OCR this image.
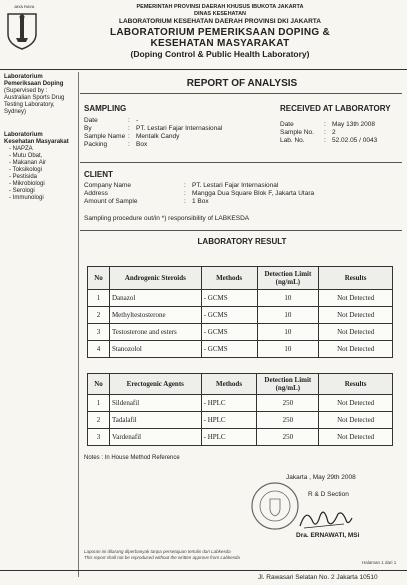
JAYA RAYA	PEMERINTAH PROVINSI DAERAH KHUSUS IBUKOTA JAKARTA
DINAS KESEHATAN
LABORATORIUM KESEHATAN DAERAH PROVINSI DKI JAKARTA
LABORATORIUM PEMERIKSAAN DOPING &
KESEHATAN MASYARAKAT
(Doping Control & Public Health Laboratory)
Laboratorium
Pemeriksaan Doping
(Supervised by :
Australian Sports Drug
Testing Laboratory,
Sydney)
Laboratorium
Kesehatan Masyarakat
- NAPZA
- Mutu Obat,
- Makanan Air
- Toksikologi
- Pestisida
- Mikrobiologi
- Serologi
- Immunologi
REPORT OF ANALYSIS
SAMPLING	RECEIVED AT LABORATORY
Date	: -
By	: PT. Lestari Fajar Internasional
Sample Name : Mentalk Candy
Packing	: Box
Date	: May 13th 2008
Sample No.	: 2
Lab. No.	: 52.02.05 / 0043
CLIENT
Company Name	: PT. Lestari Fajar Internasional
Address	: Mangga Dua Square Blok F, Jakarta Utara
Amount of Sample	: 1 Box
Sampling procedure out/in *) responsibility of LABKESDA
LABORATORY RESULT
No	Androgenic Steroids	Methods	Detection Limit (ng/mL)	Results
1	Danazol	- GCMS	10	Not Detected
2	Methyltestosterone	- GCMS	10	Not Detected
3	Testosterone and esters	- GCMS	10	Not Detected
4	Stanozolol	- GCMS	10	Not Detected
No	Erectogenic Agents	Methods	Detection Limit (ng/mL)	Results
1	Sildenafil	- HPLC	250	Not Detected
2	Tadalafil	- HPLC	250	Not Detected
3	Vardenafil	- HPLC	250	Not Detected
Notes : In House Method Reference
Jakarta , May 29th 2008
R & D Section
Dra. ERNAWATI, MSi
Laporan ini dilarang diperbanyak tanpa persetujuan tertulis dari Labkesda
This report shall not be reproduced without the written approve from Labkesda
Halaman 1 dari 1
Jl. Rawasari Selatan No. 2 Jakarta 10510
